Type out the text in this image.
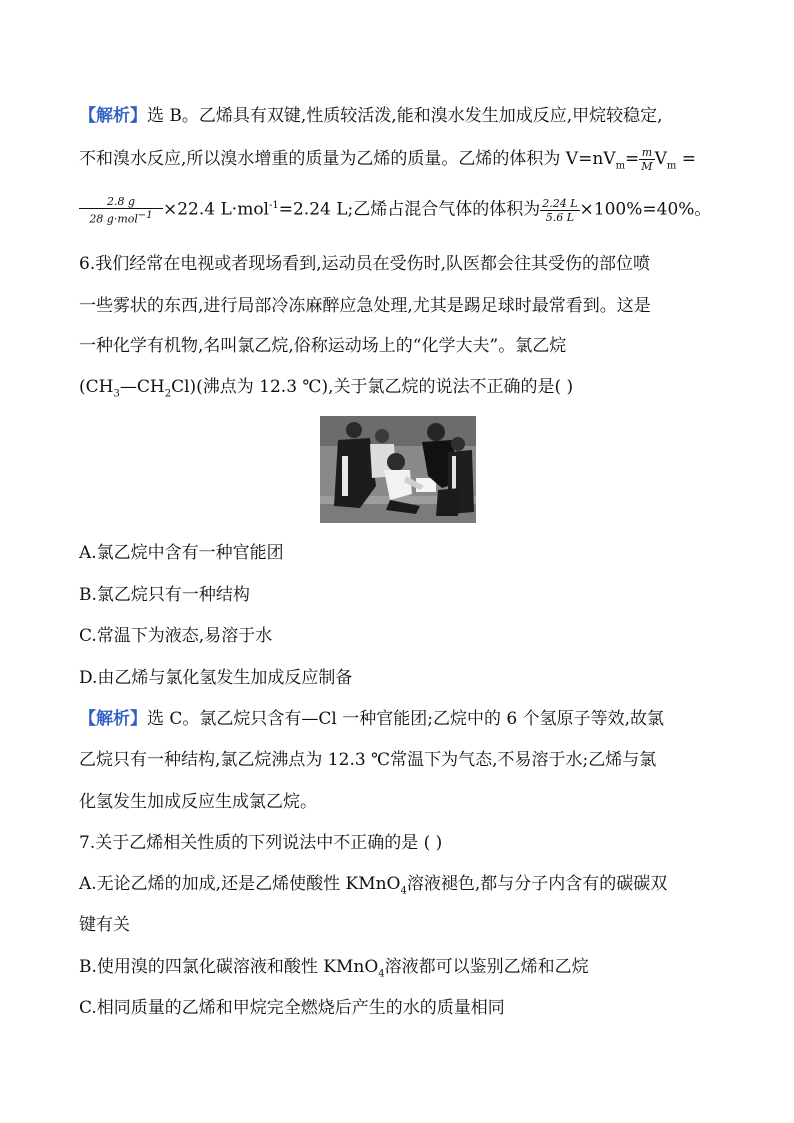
【解析】选 B。乙烯具有双键,性质较活泼,能和溴水发生加成反应,甲烷较稳定,
不和溴水反应,所以溴水增重的质量为乙烯的质量。乙烯的体积为 $V=nV_m= \frac{m}{M} V_m$ =
$\frac{2.8 g}{28 g\cdot mol^{-1}} \times 22.4$ L·mol$^{-1}$=2.24 L;乙烯占混合气体的体积为 $\frac{2.24 L}{5.6 L} \times 100\%=40\%$。
6.我们经常在电视或者现场看到,运动员在受伤时,队医都会往其受伤的部位喷
一些雾状的东西,进行局部冷冻麻醉应急处理,尤其是踢足球时最常看到。这是
一种化学有机物,名叫氯乙烷,俗称运动场上的“化学大夫”。氯乙烷
$(CH_3—CH_2Cl)$(沸点为 12.3 ℃),关于氯乙烷的说法不正确的是( )
A.氯乙烷中含有一种官能团
B.氯乙烷只有一种结构
C.常温下为液态,易溶于水
D.由乙烯与氯化氢发生加成反应制备
【解析】选 C。氯乙烷只含有—Cl 一种官能团;乙烷中的 6 个氢原子等效,故氯
乙烷只有一种结构,氯乙烷沸点为 12.3 ℃常温下为气态,不易溶于水;乙烯与氯
化氢发生加成反应生成氯乙烷。
7.关于乙烯相关性质的下列说法中不正确的是 ( )
A.无论乙烯的加成,还是乙烯使酸性 KMnO$_4$溶液褪色,都与分子内含有的碳碳双
键有关
B.使用溴的四氯化碳溶液和酸性 KMnO$_4$溶液都可以鉴别乙烯和乙烷
C.相同质量的乙烯和甲烷完全燃烧后产生的水的质量相同
